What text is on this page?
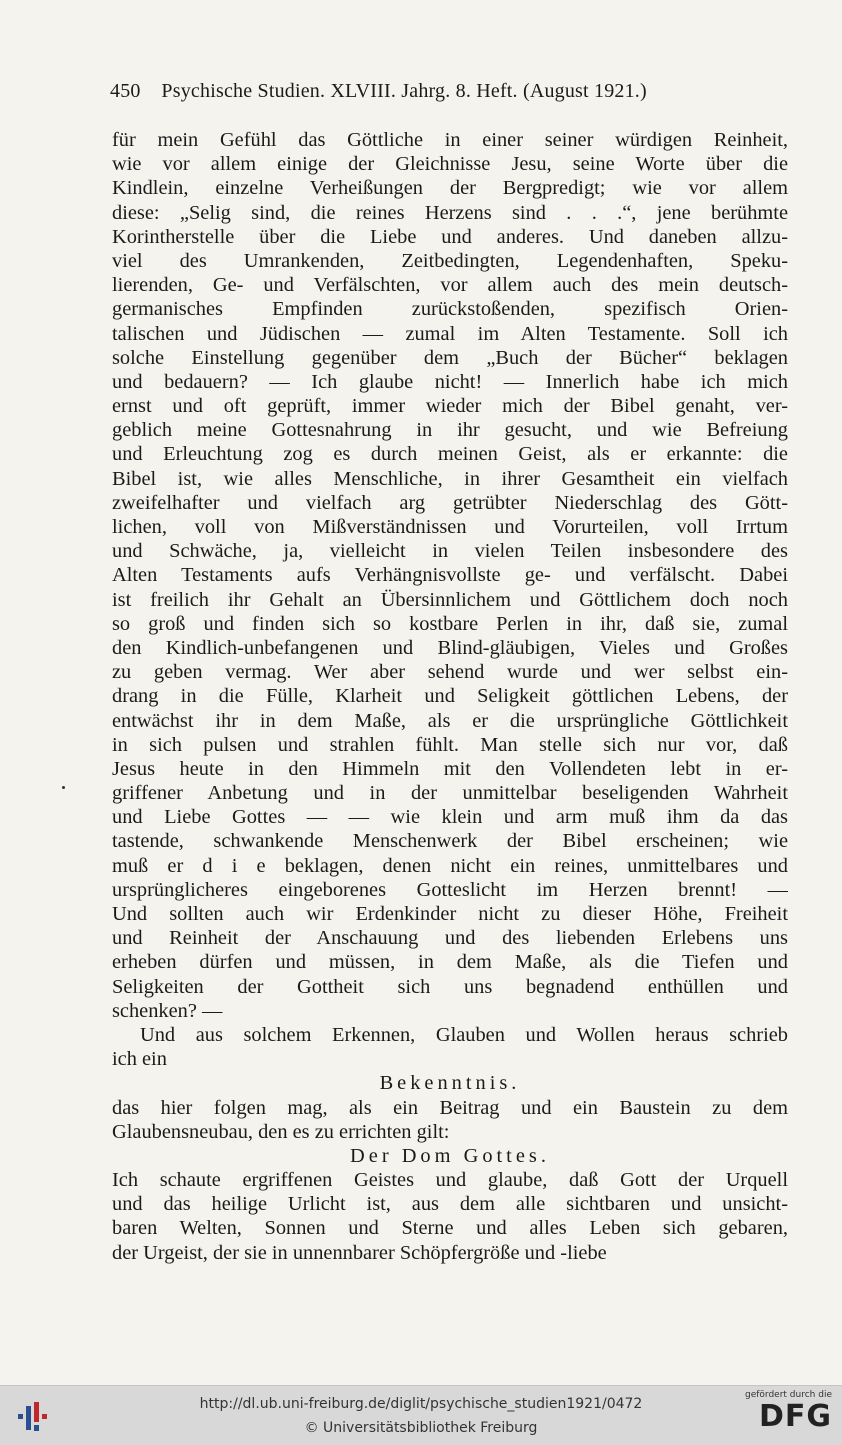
450 Psychische Studien. XLVIII. Jahrg. 8. Heft. (August 1921.)
für mein Gefühl das Göttliche in einer seiner würdigen Reinheit,
wie vor allem einige der Gleichnisse Jesu, seine Worte über die
Kindlein, einzelne Verheißungen der Bergpredigt; wie vor allem
diese: „Selig sind, die reines Herzens sind . . .“, jene berühmte
Korintherstelle über die Liebe und anderes. Und daneben allzu-
viel des Umrankenden, Zeitbedingten, Legendenhaften, Speku-
lierenden, Ge- und Verfälschten, vor allem auch des mein deutsch-
germanisches Empfinden zurückstoßenden, spezifisch Orien-
talischen und Jüdischen — zumal im Alten Testamente. Soll ich
solche Einstellung gegenüber dem „Buch der Bücher“ beklagen
und bedauern? — Ich glaube nicht! — Innerlich habe ich mich
ernst und oft geprüft, immer wieder mich der Bibel genaht, ver-
geblich meine Gottesnahrung in ihr gesucht, und wie Befreiung
und Erleuchtung zog es durch meinen Geist, als er erkannte: die
Bibel ist, wie alles Menschliche, in ihrer Gesamtheit ein vielfach
zweifelhafter und vielfach arg getrübter Niederschlag des Gött-
lichen, voll von Mißverständnissen und Vorurteilen, voll Irrtum
und Schwäche, ja, vielleicht in vielen Teilen insbesondere des
Alten Testaments aufs Verhängnisvollste ge- und verfälscht. Dabei
ist freilich ihr Gehalt an Übersinnlichem und Göttlichem doch noch
so groß und finden sich so kostbare Perlen in ihr, daß sie, zumal
den Kindlich-unbefangenen und Blind-gläubigen, Vieles und Großes
zu geben vermag. Wer aber sehend wurde und wer selbst ein-
drang in die Fülle, Klarheit und Seligkeit göttlichen Lebens, der
entwächst ihr in dem Maße, als er die ursprüngliche Göttlichkeit
in sich pulsen und strahlen fühlt. Man stelle sich nur vor, daß
Jesus heute in den Himmeln mit den Vollendeten lebt in er-
griffener Anbetung und in der unmittelbar beseligenden Wahrheit
und Liebe Gottes — — wie klein und arm muß ihm da das
tastende, schwankende Menschenwerk der Bibel erscheinen; wie
muß er d i e beklagen, denen nicht ein reines, unmittelbares und
ursprünglicheres eingeborenes Gotteslicht im Herzen brennt! —
Und sollten auch wir Erdenkinder nicht zu dieser Höhe, Freiheit
und Reinheit der Anschauung und des liebenden Erlebens uns
erheben dürfen und müssen, in dem Maße, als die Tiefen und
Seligkeiten der Gottheit sich uns begnadend enthüllen und
schenken? —
Und aus solchem Erkennen, Glauben und Wollen heraus schrieb
ich ein
Bekenntnis.
das hier folgen mag, als ein Beitrag und ein Baustein zu dem
Glaubensneubau, den es zu errichten gilt:
Der Dom Gottes.
Ich schaute ergriffenen Geistes und glaube, daß Gott der Urquell
und das heilige Urlicht ist, aus dem alle sichtbaren und unsicht-
baren Welten, Sonnen und Sterne und alles Leben sich gebaren,
der Urgeist, der sie in unnennbarer Schöpfergröße und -liebe
http://dl.ub.uni-freiburg.de/diglit/psychische_studien1921/0472
© Universitätsbibliothek Freiburg
gefördert durch die
DFG
